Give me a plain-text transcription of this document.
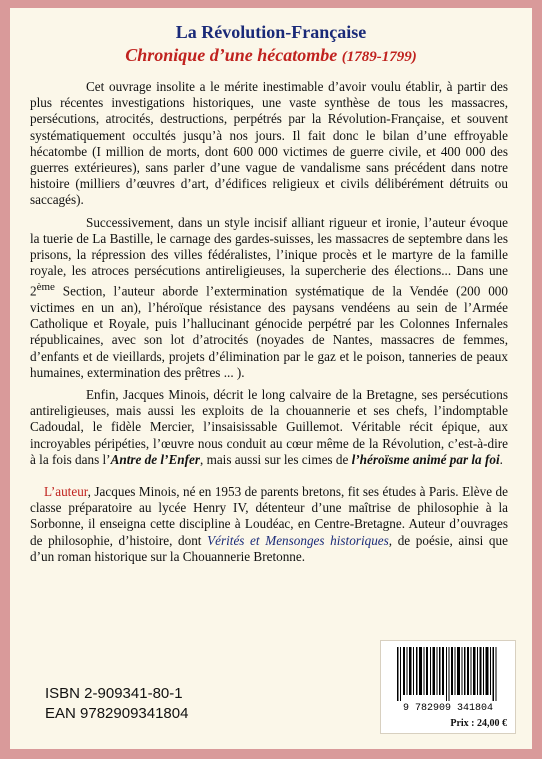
La Révolution-Française
Chronique d’une hécatombe (1789-1799)

Cet ouvrage insolite a le mérite inestimable d’avoir voulu établir, à partir des plus récentes investigations historiques, une vaste synthèse de tous les massacres, persécutions, atrocités, destructions, perpétrés par la Révolution-Française, et souvent systématiquement occultés jusqu’à nos jours. Il fait donc le bilan d’une effroyable hécatombe (I million de morts, dont 600 000 victimes de guerre civile, et 400 000 des guerres extérieures), sans parler d’une vague de vandalisme sans précédent dans notre histoire (milliers d’œuvres d’art, d’édifices religieux et civils délibérément détruits ou saccagés).

Successivement, dans un style incisif alliant rigueur et ironie, l’auteur évoque la tuerie de La Bastille, le carnage des gardes-suisses, les massacres de septembre dans les prisons, la répression des villes fédéralistes, l’inique procès et le martyre de la famille royale, les atroces persécutions antireligieuses, la supercherie des élections... Dans une 2ème Section, l’auteur aborde l’extermination systématique de la Vendée (200 000 victimes en un an), l’héroïque résistance des paysans vendéens au sein de l’Armée Catholique et Royale, puis l’hallucinant génocide perpétré par les Colonnes Infernales républicaines, avec son lot d’atrocités (noyades de Nantes, massacres de femmes, d’enfants et de vieillards, projets d’élimination par le gaz et le poison, tanneries de peaux humaines, extermination des prêtres ... ).

Enfin, Jacques Minois, décrit le long calvaire de la Bretagne, ses persécutions antireligieuses, mais aussi les exploits de la chouannerie et ses chefs, l’indomptable Cadoudal, le fidèle Mercier, l’insaisissable Guillemot. Véritable récit épique, aux incroyables péripéties, l’œuvre nous conduit au cœur même de la Révolution, c’est-à-dire à la fois dans l’Antre de l’Enfer, mais aussi sur les cimes de l’héroïsme animé par la foi.

L’auteur, Jacques Minois, né en 1953 de parents bretons, fit ses études à Paris. Elève de classe préparatoire au lycée Henry IV, détenteur d’une maîtrise de philosophie à la Sorbonne, il enseigna cette discipline à Loudéac, en Centre-Bretagne. Auteur d’ouvrages de philosophie, d’histoire, dont Vérités et Mensonges historiques, de poésie, ainsi que d’un roman historique sur la Chouannerie Bretonne.

ISBN 2-909341-80-1
EAN 9782909341804	9 782909 341804
Prix : 24,00 €
